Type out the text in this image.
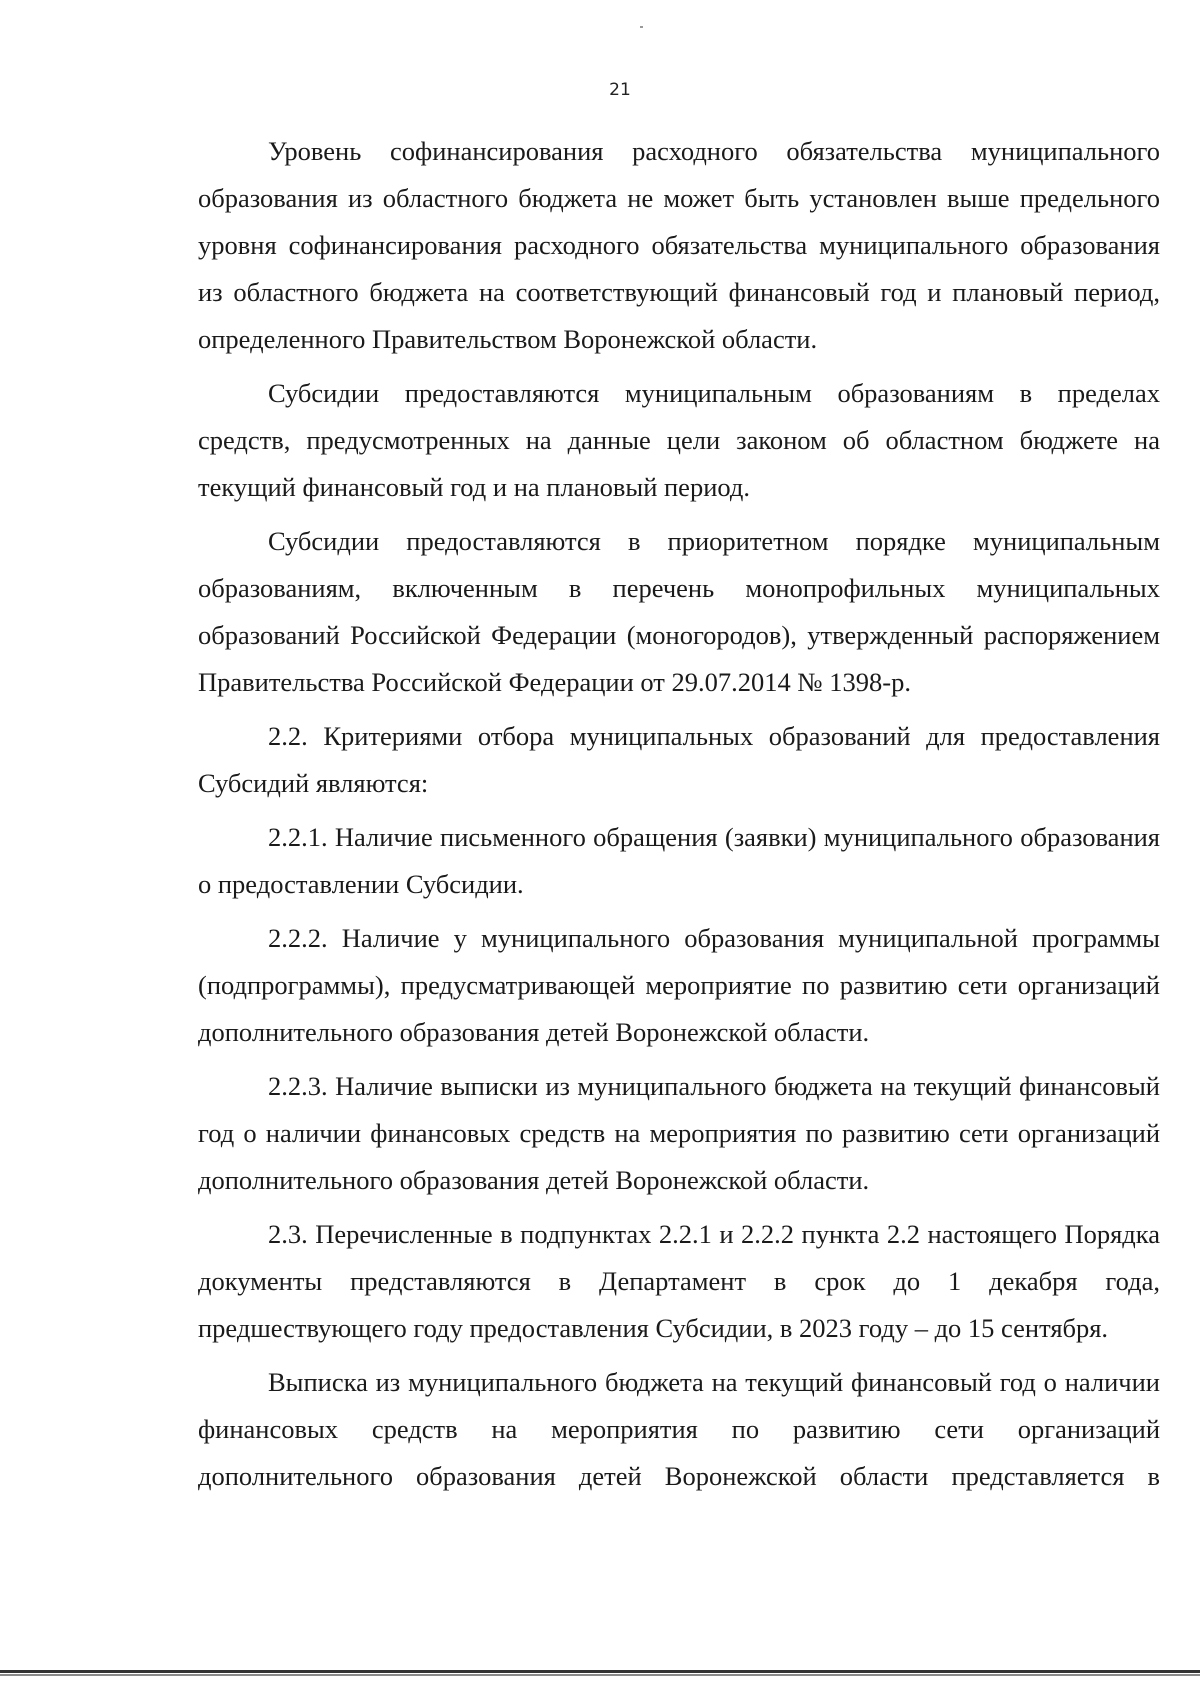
21

Уровень софинансирования расходного обязательства муниципального образования из областного бюджета не может быть установлен выше предельного уровня софинансирования расходного обязательства муниципального образования из областного бюджета на соответствующий финансовый год и плановый период, определенного Правительством Воронежской области.

Субсидии предоставляются муниципальным образованиям в пределах средств, предусмотренных на данные цели законом об областном бюджете на текущий финансовый год и на плановый период.

Субсидии предоставляются в приоритетном порядке муниципальным образованиям, включенным в перечень монопрофильных муниципальных образований Российской Федерации (моногородов), утвержденный распоряжением Правительства Российской Федерации от 29.07.2014 № 1398-р.

2.2. Критериями отбора муниципальных образований для предоставления Субсидий являются:

2.2.1. Наличие письменного обращения (заявки) муниципального образования о предоставлении Субсидии.

2.2.2. Наличие у муниципального образования муниципальной программы (подпрограммы), предусматривающей мероприятие по развитию сети организаций дополнительного образования детей Воронежской области.

2.2.3. Наличие выписки из муниципального бюджета на текущий финансовый год о наличии финансовых средств на мероприятия по развитию сети организаций дополнительного образования детей Воронежской области.

2.3. Перечисленные в подпунктах 2.2.1 и 2.2.2 пункта 2.2 настоящего Порядка документы представляются в Департамент в срок до 1 декабря года, предшествующего году предоставления Субсидии, в 2023 году – до 15 сентября.

Выписка из муниципального бюджета на текущий финансовый год о наличии финансовых средств на мероприятия по развитию сети организаций дополнительного образования детей Воронежской области представляется в
